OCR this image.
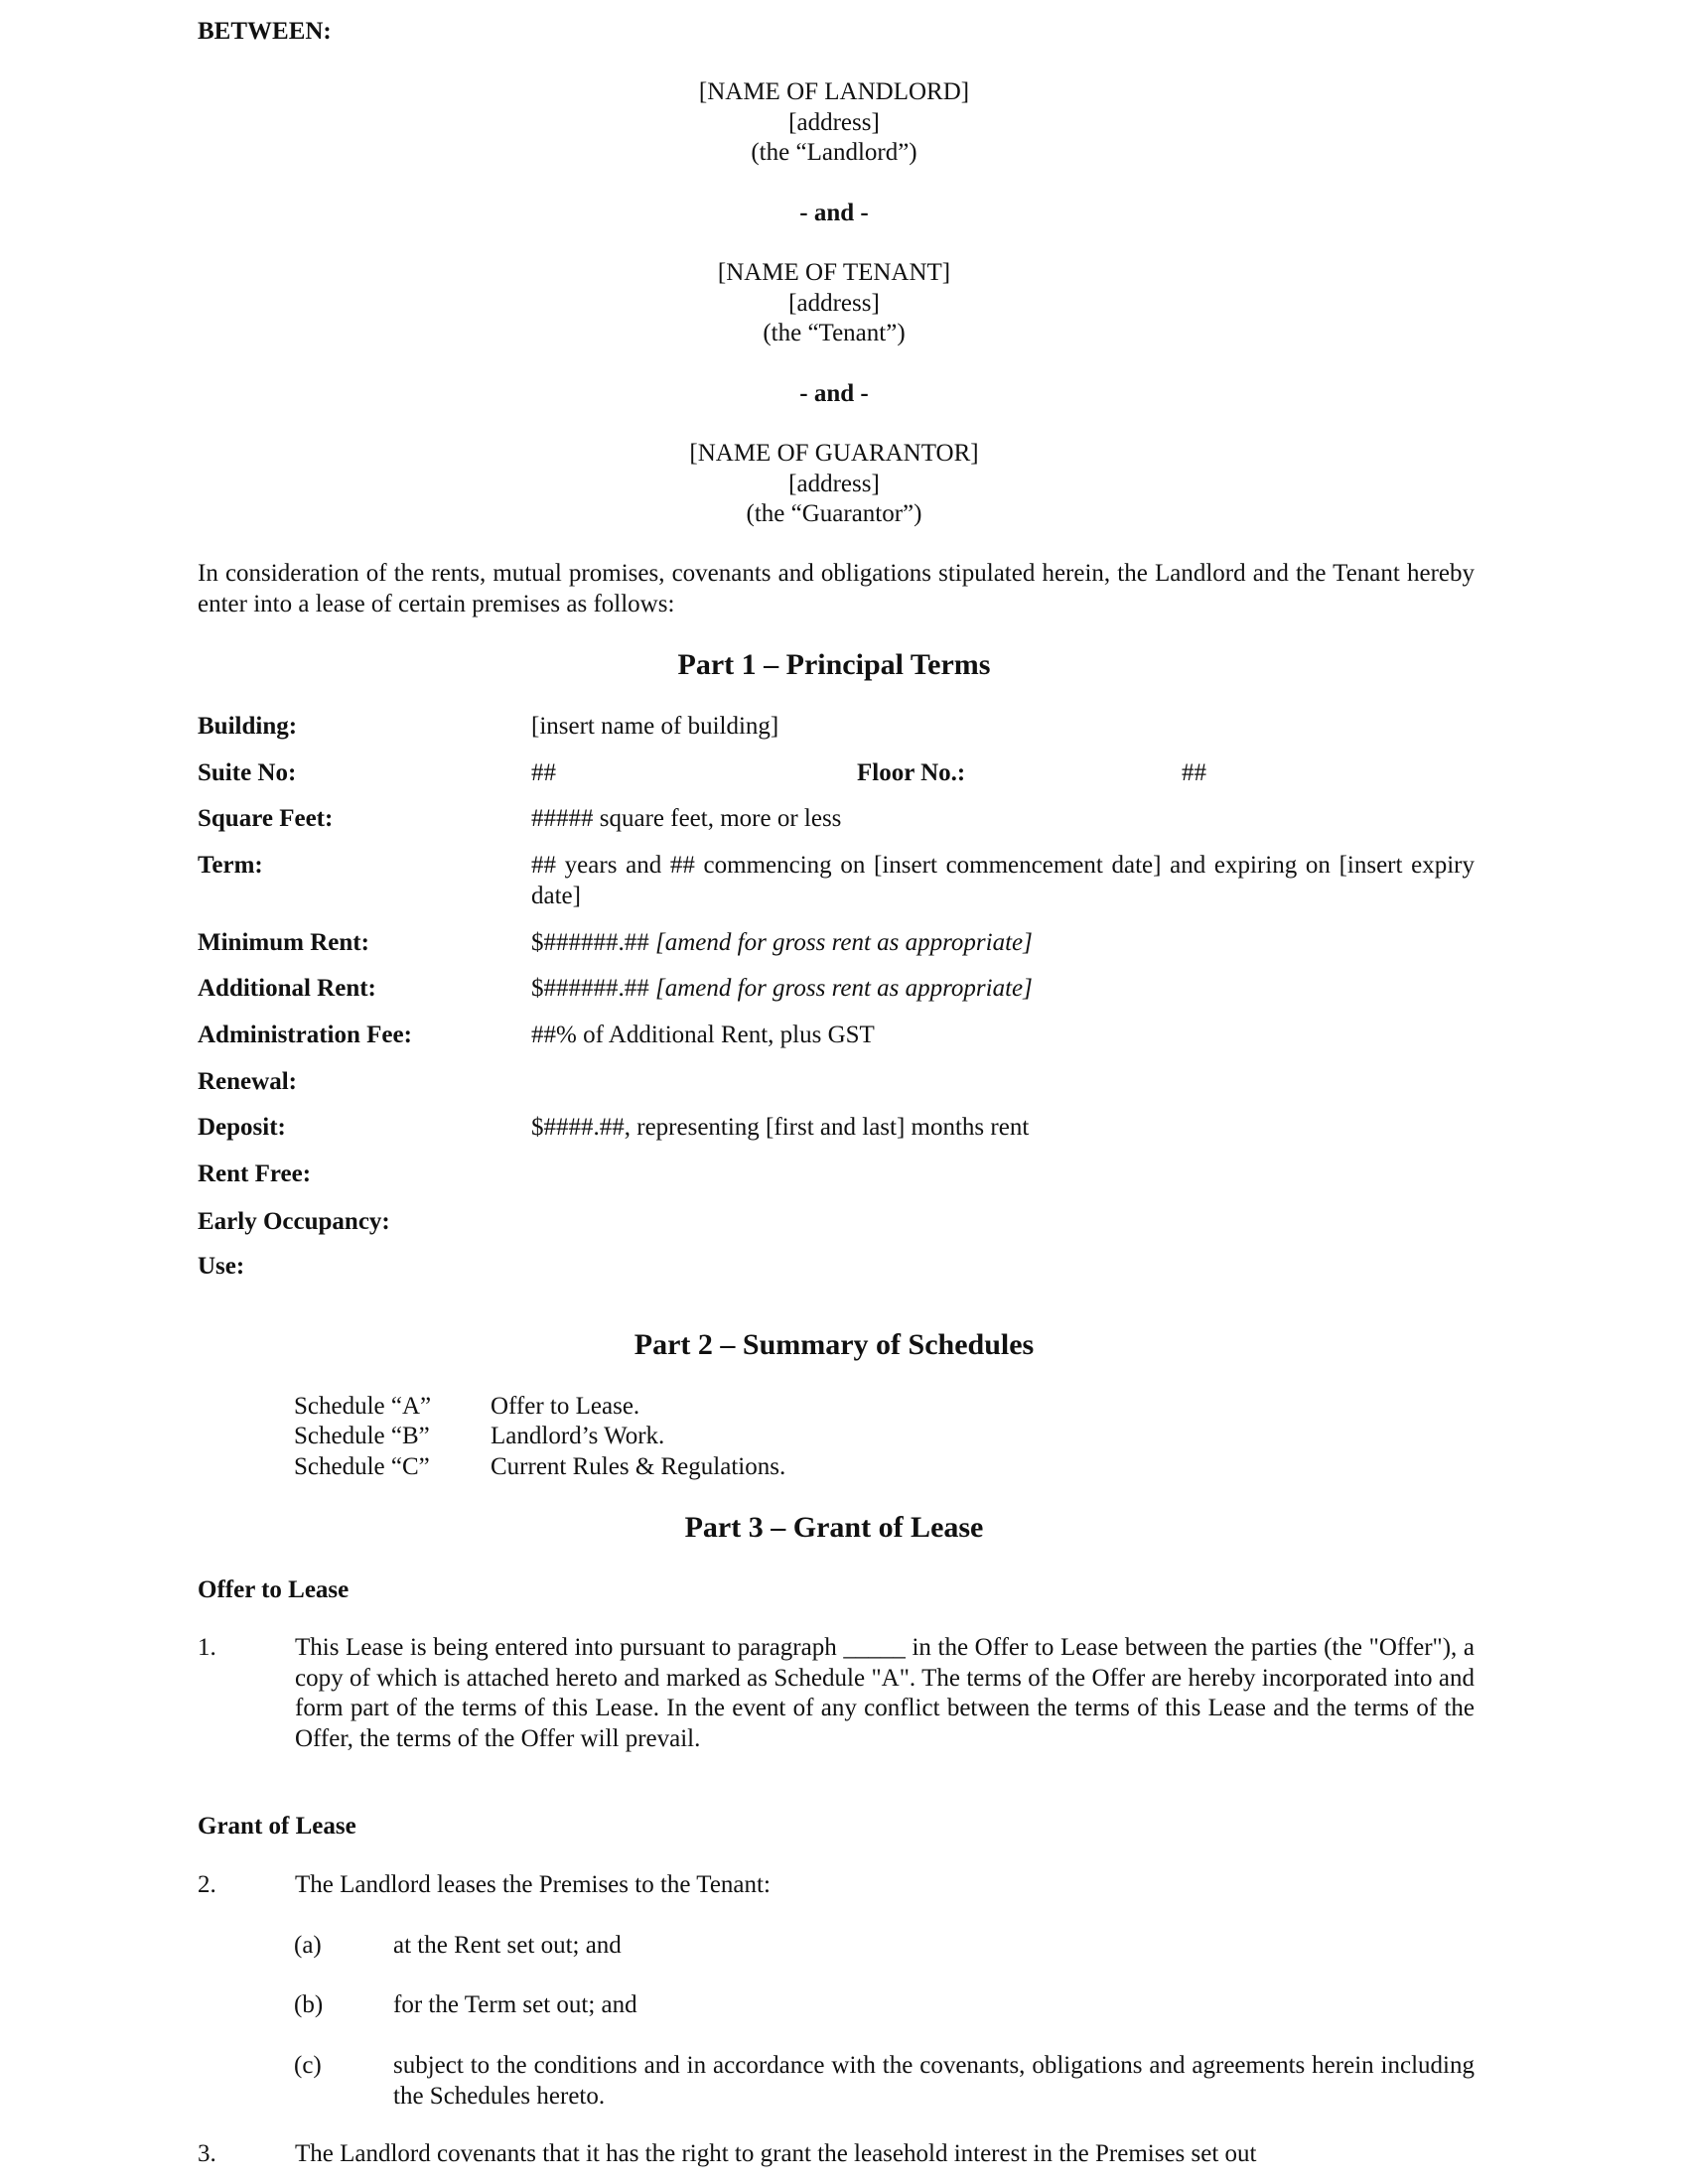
BETWEEN:
[NAME OF LANDLORD]
[address]
(the “Landlord”)
- and -
[NAME OF TENANT]
[address]
(the “Tenant”)
- and -
[NAME OF GUARANTOR]
[address]
(the “Guarantor”)
In consideration of the rents, mutual promises, covenants and obligations stipulated herein, the Landlord and the Tenant hereby enter into a lease of certain premises as follows:
Part 1 – Principal Terms
Building:	[insert name of building]
Suite No:	##	Floor No.:	##
Square Feet:	##### square feet, more or less
Term:	## years and ## commencing on [insert commencement date] and expiring on [insert expiry date]
Minimum Rent:	$######.## [amend for gross rent as appropriate]
Additional Rent:	$######.## [amend for gross rent as appropriate]
Administration Fee:	##% of Additional Rent, plus GST
Renewal:
Deposit:	$####.##, representing [first and last] months rent
Rent Free:
Early Occupancy:
Use:
Part 2 – Summary of Schedules
Schedule “A” Offer to Lease.
Schedule “B” Landlord’s Work.
Schedule “C” Current Rules & Regulations.
Part 3 – Grant of Lease
Offer to Lease
1.	This Lease is being entered into pursuant to paragraph _____ in the Offer to Lease between the parties (the "Offer"), a copy of which is attached hereto and marked as Schedule "A". The terms of the Offer are hereby incorporated into and form part of the terms of this Lease. In the event of any conflict between the terms of this Lease and the terms of the Offer, the terms of the Offer will prevail.
Grant of Lease
2.	The Landlord leases the Premises to the Tenant:
(a)	at the Rent set out; and
(b)	for the Term set out; and
(c)	subject to the conditions and in accordance with the covenants, obligations and agreements herein including the Schedules hereto.
3.	The Landlord covenants that it has the right to grant the leasehold interest in the Premises set out
